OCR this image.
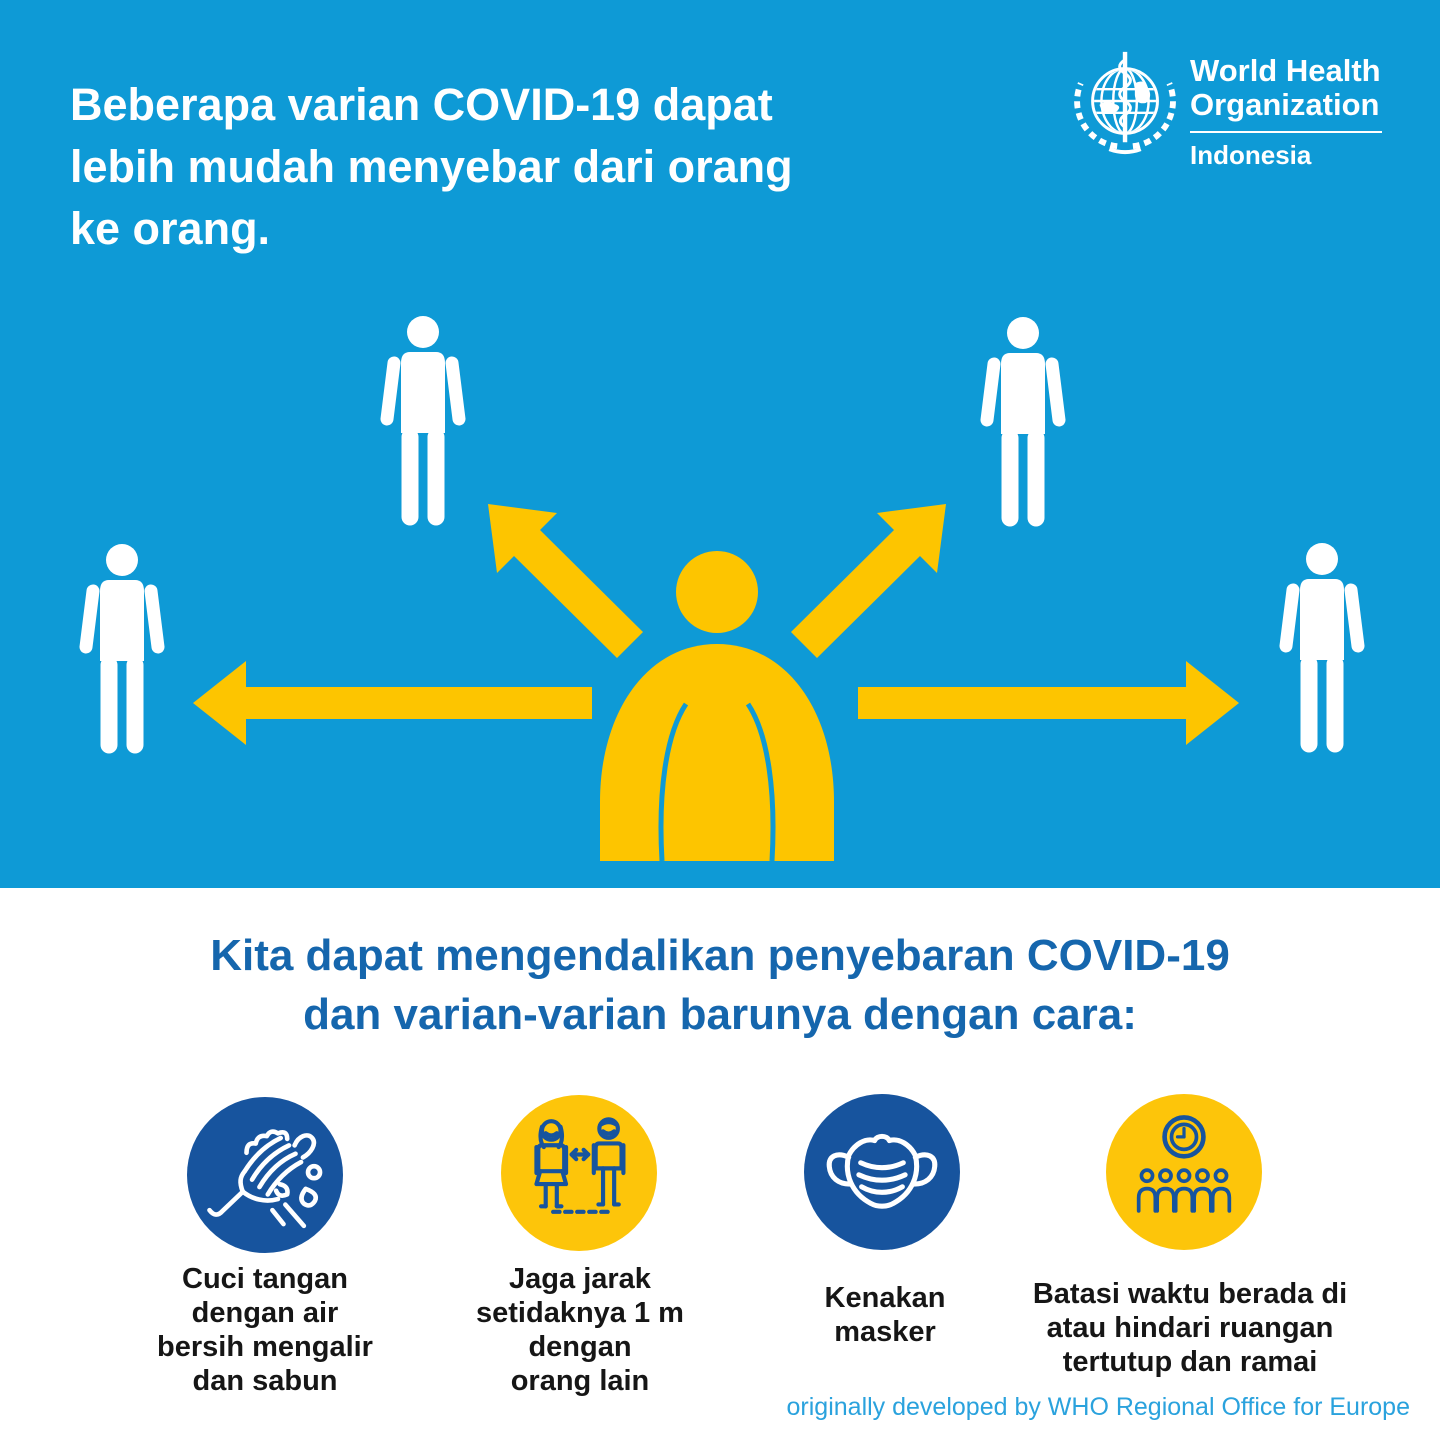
Beberapa varian COVID-19 dapat
lebih mudah menyebar dari orang
ke orang.
World Health
Organization
Indonesia
Kita dapat mengendalikan penyebaran COVID-19
dan varian-varian barunya dengan cara:
Cuci tangan
dengan air
bersih mengalir
dan sabun
Jaga jarak
setidaknya 1 m
dengan
orang lain
Kenakan
masker
Batasi waktu berada di
atau hindari ruangan
tertutup dan ramai
originally developed by WHO Regional Office for Europe
